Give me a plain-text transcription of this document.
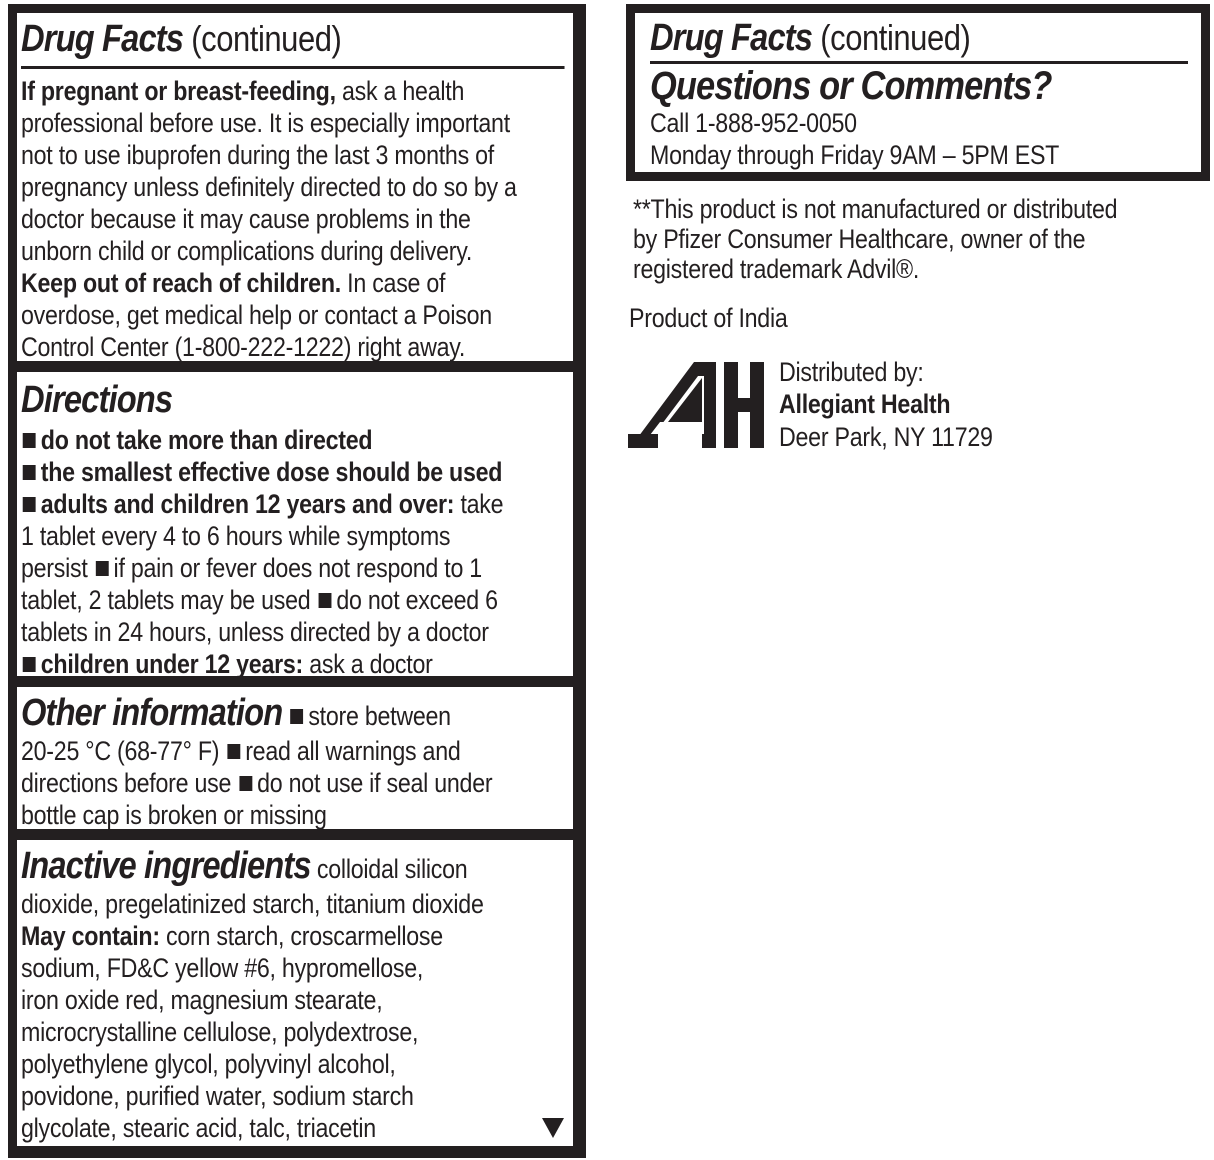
Drug Facts (continued)
If pregnant or breast-feeding, ask a health
professional before use. It is especially important
not to use ibuprofen during the last 3 months of
pregnancy unless definitely directed to do so by a
doctor because it may cause problems in the
unborn child or complications during delivery.
Keep out of reach of children. In case of
overdose, get medical help or contact a Poison
Control Center (1-800-222-1222) right away.
Directions
do not take more than directed
the smallest effective dose should be used
adults and children 12 years and over: take
1 tablet every 4 to 6 hours while symptoms
persist if pain or fever does not respond to 1
tablet, 2 tablets may be used do not exceed 6
tablets in 24 hours, unless directed by a doctor
children under 12 years: ask a doctor
Other information store between
20-25 °C (68-77° F) read all warnings and
directions before use do not use if seal under
bottle cap is broken or missing
Inactive ingredients colloidal silicon
dioxide, pregelatinized starch, titanium dioxide
May contain: corn starch, croscarmellose
sodium, FD&C yellow #6, hypromellose,
iron oxide red, magnesium stearate,
microcrystalline cellulose, polydextrose,
polyethylene glycol, polyvinyl alcohol,
povidone, purified water, sodium starch
glycolate, stearic acid, talc, triacetin
Drug Facts (continued)
Questions or Comments?
Call 1-888-952-0050
Monday through Friday 9AM – 5PM EST
**This product is not manufactured or distributed
by Pfizer Consumer Healthcare, owner of the
registered trademark Advil®.
Product of India
Distributed by:
Allegiant Health
Deer Park, NY 11729
